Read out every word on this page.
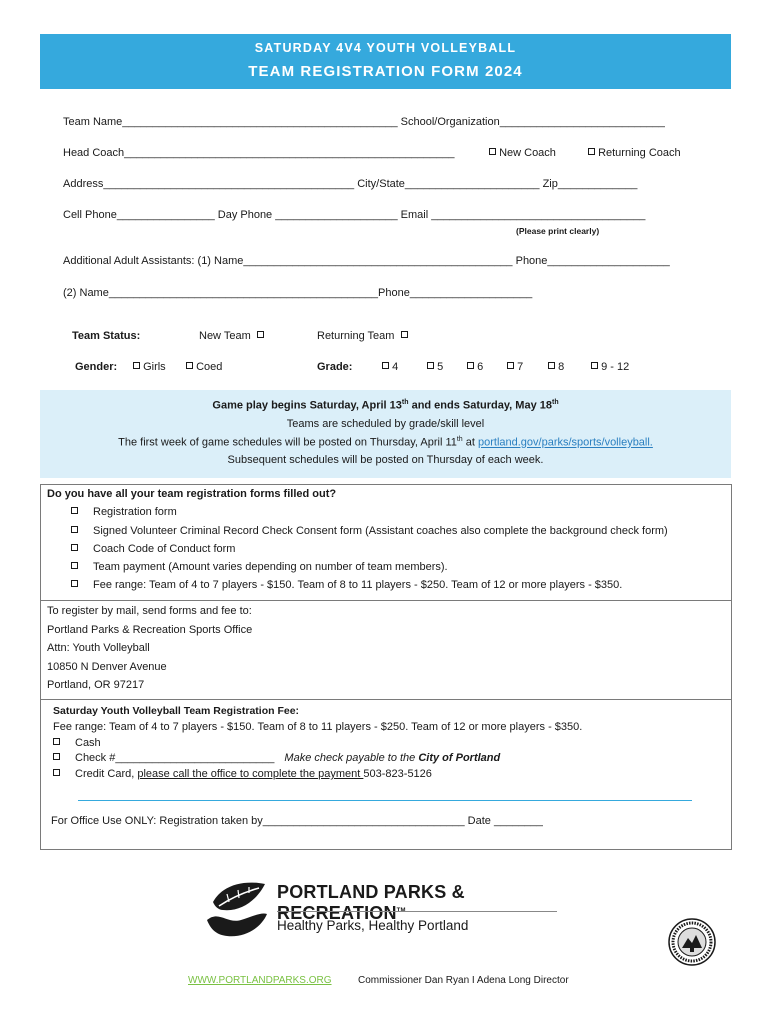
SATURDAY 4V4 YOUTH VOLLEYBALL
TEAM REGISTRATION FORM 2024
Team Name_____________________________________________ School/Organization___________________________
Head Coach______________________________________________________	New Coach	Returning Coach
Address_________________________________________ City/State______________________ Zip_____________
Cell Phone________________ Day Phone ____________________ Email ___________________________________
(Please print clearly)
Additional Adult Assistants: (1) Name____________________________________________ Phone____________________
(2) Name____________________________________________Phone____________________
Team Status:	New Team	Returning Team
Gender:	Girls	Coed	Grade:	4	5	6	7	8	9 - 12
Game play begins Saturday, April 13th and ends Saturday, May 18th
Teams are scheduled by grade/skill level
The first week of game schedules will be posted on Thursday, April 11th at portland.gov/parks/sports/volleyball.
Subsequent schedules will be posted on Thursday of each week.
Do you have all your team registration forms filled out?
Registration form
Signed Volunteer Criminal Record Check Consent form (Assistant coaches also complete the background check form)
Coach Code of Conduct form
Team payment (Amount varies depending on number of team members).
Fee range: Team of 4 to 7 players - $150. Team of 8 to 11 players - $250. Team of 12 or more players - $350.
To register by mail, send forms and fee to:
Portland Parks & Recreation Sports Office
Attn: Youth Volleyball
10850 N Denver Avenue
Portland, OR 97217
Saturday Youth Volleyball Team Registration Fee:
Fee range: Team of 4 to 7 players - $150. Team of 8 to 11 players - $250. Team of 12 or more players - $350.
Cash
Check #__________________________ Make check payable to the City of Portland
Credit Card, please call the office to complete the payment 503-823-5126
For Office Use ONLY: Registration taken by_________________________________ Date ________
PORTLAND PARKS & RECREATION™
Healthy Parks, Healthy Portland
WWW.PORTLANDPARKS.ORG	Commissioner Dan Ryan I Adena Long Director
